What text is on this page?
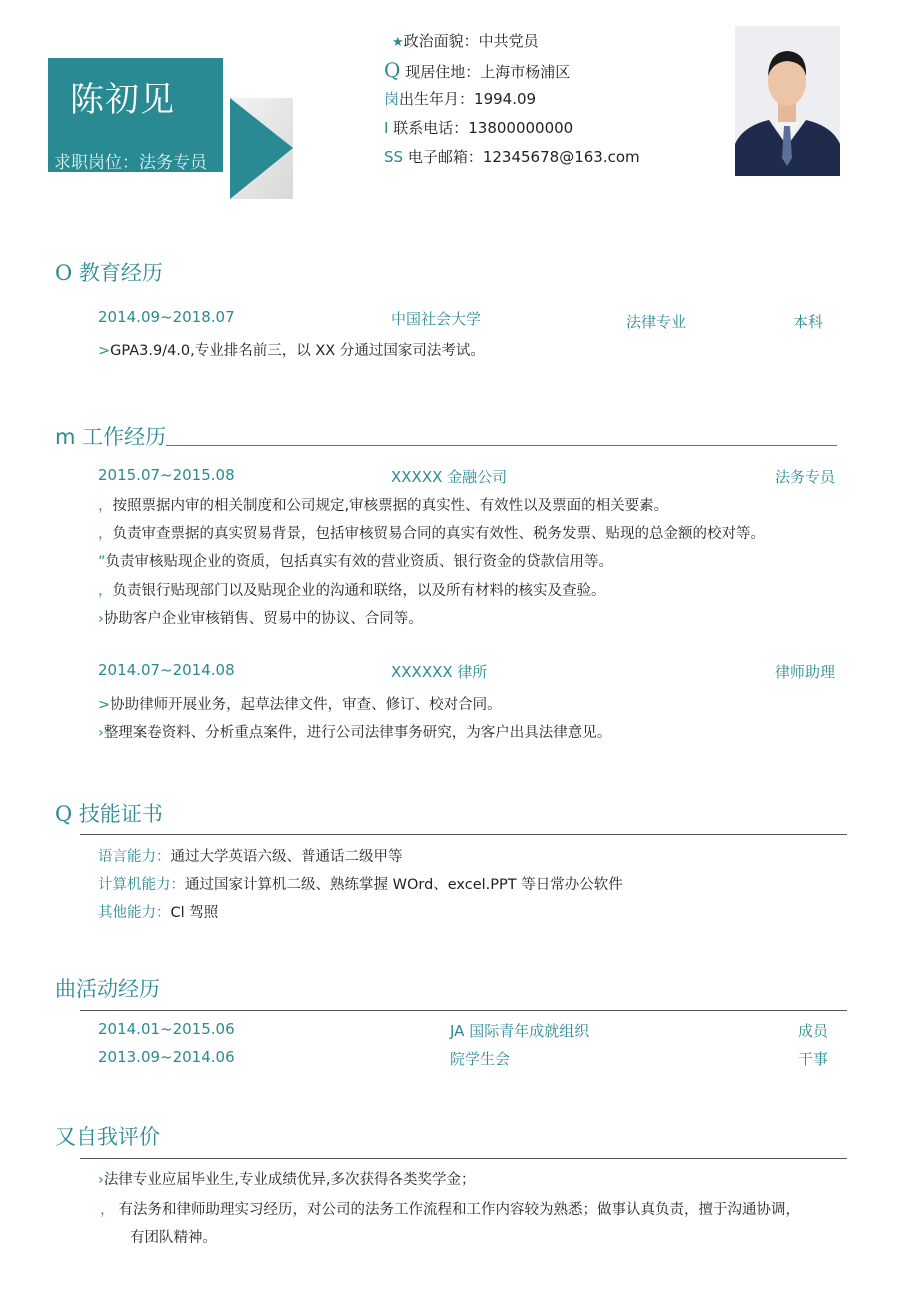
陈初见
求职岗位：法务专员
★政治面貌：中共党员
Q 现居住地：上海市杨浦区
岗出生年月：1994.09
I 联系电话：13800000000
SS 电子邮箱：12345678@163.com
O 教育经历
2014.09~2018.07	中国社会大学	法律专业	本科
>GPA3.9/4.0,专业排名前三，以 XX 分通过国家司法考试。
m 工作经历
2015.07~2015.08	XXXXX 金融公司	法务专员
，按照票据内审的相关制度和公司规定,审核票据的真实性、有效性以及票面的相关要素。
，负责审查票据的真实贸易背景，包括审核贸易合同的真实有效性、税务发票、贴现的总金额的校对等。
”负责审核贴现企业的资质，包括真实有效的营业资质、银行资金的贷款信用等。
，负责银行贴现部门以及贴现企业的沟通和联络，以及所有材料的核实及查验。
›协助客户企业审核销售、贸易中的协议、合同等。
2014.07~2014.08	XXXXXX 律所	律师助理
>协助律师开展业务，起草法律文件，审查、修订、校对合同。
›整理案卷资料、分析重点案件，进行公司法律事务研究，为客户出具法律意见。
Q 技能证书
语言能力：通过大学英语六级、普通话二级甲等
计算机能力：通过国家计算机二级、熟练掌握 WOrd、excel.PPT 等日常办公软件
其他能力：Cl 驾照
曲活动经历
2014.01~2015.06	JA 国际青年成就组织	成员
2013.09~2014.06	院学生会	干事
又自我评价
›法律专业应届毕业生,专业成绩优异,多次获得各类奖学金；
， 有法务和律师助理实习经历，对公司的法务工作流程和工作内容较为熟悉；做事认真负责，擅于沟通协调，
有团队精神。
